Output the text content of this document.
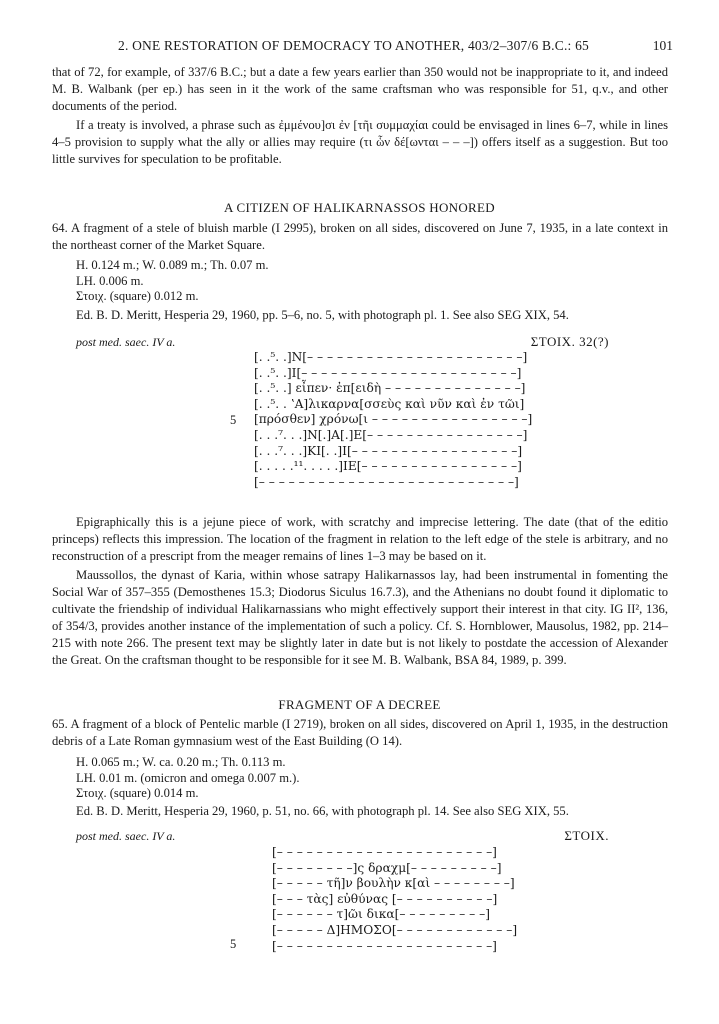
2. ONE RESTORATION OF DEMOCRACY TO ANOTHER, 403/2–307/6 B.C.: 65	101
that of 72, for example, of 337/6 B.C.; but a date a few years earlier than 350 would not be inappropriate to it, and indeed M. B. Walbank (per ep.) has seen in it the work of the same craftsman who was responsible for 51, q.v., and other documents of the period.
If a treaty is involved, a phrase such as ἐμμένου]σι ἐν [τῆι συμμαχίαι could be envisaged in lines 6–7, while in lines 4–5 provision to supply what the ally or allies may require (τι ὧν δέ[ωνται – – –]) offers itself as a suggestion. But too little survives for speculation to be profitable.
A CITIZEN OF HALIKARNASSOS HONORED
64. A fragment of a stele of bluish marble (I 2995), broken on all sides, discovered on June 7, 1935, in a late context in the northeast corner of the Market Square.
H. 0.124 m.; W. 0.089 m.; Th. 0.07 m.
LH. 0.006 m.
Στοιχ. (square) 0.012 m.
Ed. B. D. Meritt, Hesperia 29, 1960, pp. 5–6, no. 5, with photograph pl. 1. See also SEG XIX, 54.
post med. saec. IV a.	ΣΤΟΙΧ. 32(?)
[. .⁵. .]Ν[– – – – – – – – – – – – – – – – – – – – – –]
[. .⁵. .]Ι[– – – – – – – – – – – – – – – – – – – – – –]
[. .⁵. .] εἶπεν· ἐπ[ειδὴ – – – – – – – – – – – – – –]
[. .⁵. . ʽΑ]λικαρνα[σσεὺς καὶ νῦν καὶ ἐν τῶι]
[πρόσθεν] χρόνω[ι – – – – – – – – – – – – – – – –]
[. . .⁷. . .]Ν[.]Α[.]Ε[– – – – – – – – – – – – – – – –]
[. . .⁷. . .]ΚΙ[. .]Ι[– – – – – – – – – – – – – – – – –]
[. . . . .¹¹. . . . .]ΙΕ[– – – – – – – – – – – – – – – –]
[– – – – – – – – – – – – – – – – – – – – – – – – – –]
5
Epigraphically this is a jejune piece of work, with scratchy and imprecise lettering. The date (that of the editio princeps) reflects this impression. The location of the fragment in relation to the left edge of the stele is arbitrary, and no reconstruction of a prescript from the meager remains of lines 1–3 may be based on it.
Maussollos, the dynast of Karia, within whose satrapy Halikarnassos lay, had been instrumental in fomenting the Social War of 357–355 (Demosthenes 15.3; Diodorus Siculus 16.7.3), and the Athenians no doubt found it diplomatic to cultivate the friendship of individual Halikarnassians who might effectively support their interest in that city. IG II², 136, of 354/3, provides another instance of the implementation of such a policy. Cf. S. Hornblower, Mausolus, 1982, pp. 214–215 with note 266. The present text may be slightly later in date but is not likely to postdate the accession of Alexander the Great. On the craftsman thought to be responsible for it see M. B. Walbank, BSA 84, 1989, p. 399.
FRAGMENT OF A DECREE
65. A fragment of a block of Pentelic marble (I 2719), broken on all sides, discovered on April 1, 1935, in the destruction debris of a Late Roman gymnasium west of the East Building (O 14).
H. 0.065 m.; W. ca. 0.20 m.; Th. 0.113 m.
LH. 0.01 m. (omicron and omega 0.007 m.).
Στοιχ. (square) 0.014 m.
Ed. B. D. Meritt, Hesperia 29, 1960, p. 51, no. 66, with photograph pl. 14. See also SEG XIX, 55.
post med. saec. IV a.	ΣΤΟΙΧ.
[– – – – – – – – – – – – – – – – – – – – – –]
[– – – – – – – –]ς δραχμ[– – – – – – – – –]
[– – – – – τῆ]ν βουλὴν κ[αὶ – – – – – – – –]
[– – – τὰς] εὐθύνας [– – – – – – – – – –]
[– – – – – – τ]ῶι δικα[– – – – – – – – –]
[– – – – – Δ]ΗΜΟΣΟ[– – – – – – – – – – – –]
[– – – – – – – – – – – – – – – – – – – – – –]
5
